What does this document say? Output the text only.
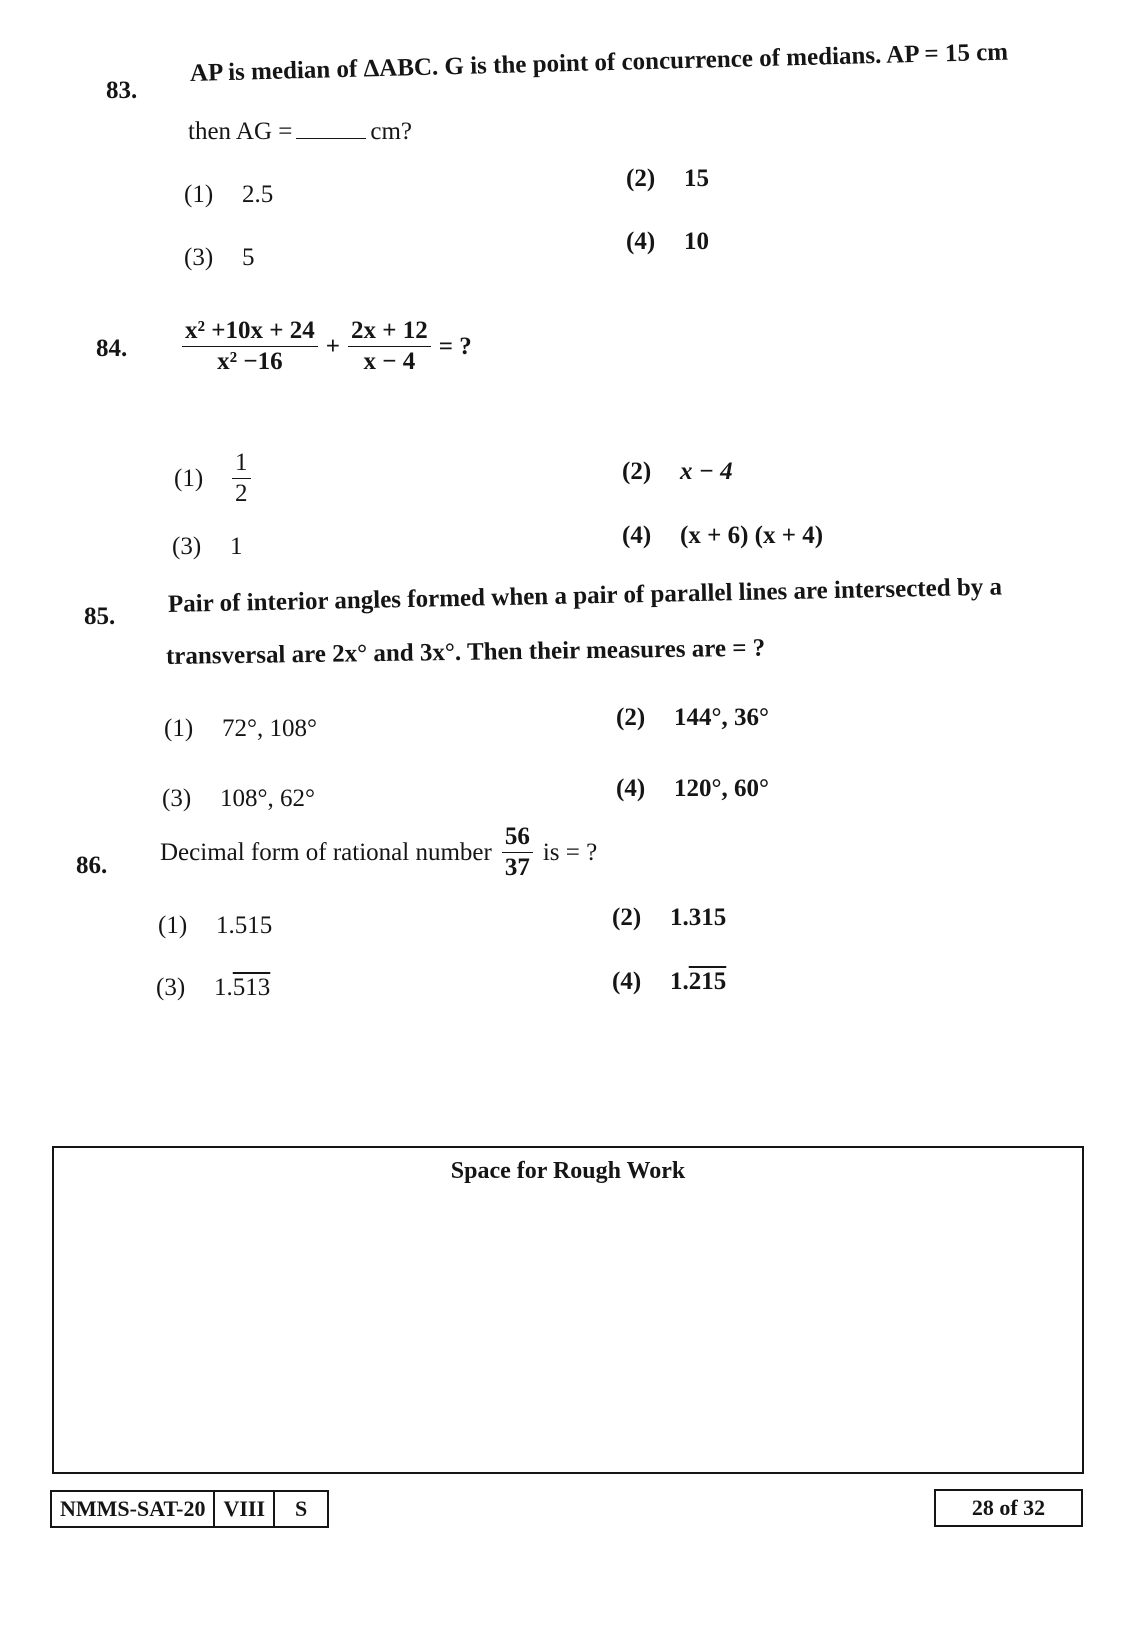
83.
AP is median of ΔABC. G is the point of concurrence of medians. AP = 15 cm
then AG =	cm?
(1) 2.5
(2) 15
(3) 5
(4) 10
84. $\frac{\text{x² +10x + 24}}{\text{x² −16}} + \frac{2x + 12}{x - 4}$ = ?
(1)	$\frac{1}{2}$	(2) x − 4
(3) 1	(4) (x + 6) (x + 4)
85. Pair of interior angles formed when a pair of parallel lines are intersected by a
transversal are 2x° and 3x°. Then their measures are = ?
(1) 72°, 108°	(2) 144°, 36°
(3) 108°, 62°	(4) 120°, 60°
86. Decimal form of rational number $\frac{56}{37}$ is = ?
(1) 1.515	(2) 1.315
(3) 1.513	(4) 1.215
Space for Rough Work
NMMS-SAT-20 VIII	S	28 of 32
